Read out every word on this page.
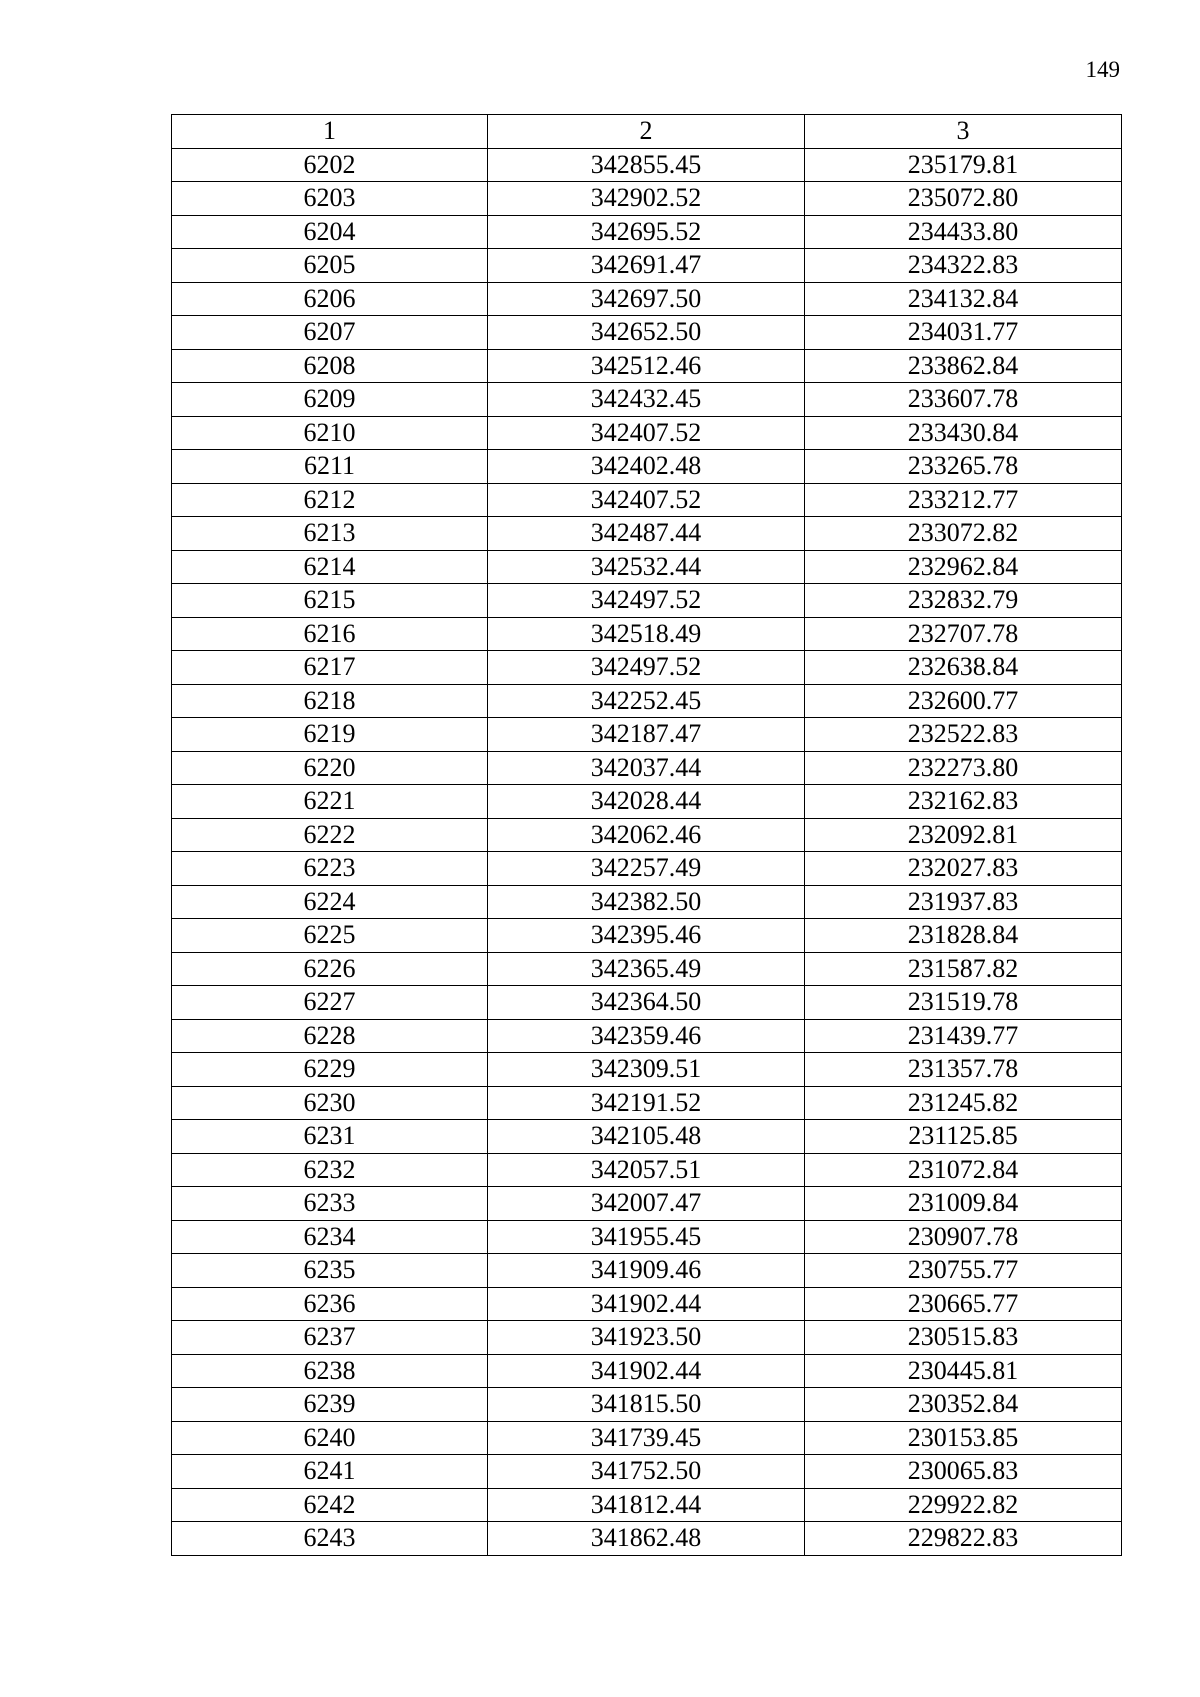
149
1	2	3
6202	342855.45	235179.81
6203	342902.52	235072.80
6204	342695.52	234433.80
6205	342691.47	234322.83
6206	342697.50	234132.84
6207	342652.50	234031.77
6208	342512.46	233862.84
6209	342432.45	233607.78
6210	342407.52	233430.84
6211	342402.48	233265.78
6212	342407.52	233212.77
6213	342487.44	233072.82
6214	342532.44	232962.84
6215	342497.52	232832.79
6216	342518.49	232707.78
6217	342497.52	232638.84
6218	342252.45	232600.77
6219	342187.47	232522.83
6220	342037.44	232273.80
6221	342028.44	232162.83
6222	342062.46	232092.81
6223	342257.49	232027.83
6224	342382.50	231937.83
6225	342395.46	231828.84
6226	342365.49	231587.82
6227	342364.50	231519.78
6228	342359.46	231439.77
6229	342309.51	231357.78
6230	342191.52	231245.82
6231	342105.48	231125.85
6232	342057.51	231072.84
6233	342007.47	231009.84
6234	341955.45	230907.78
6235	341909.46	230755.77
6236	341902.44	230665.77
6237	341923.50	230515.83
6238	341902.44	230445.81
6239	341815.50	230352.84
6240	341739.45	230153.85
6241	341752.50	230065.83
6242	341812.44	229922.82
6243	341862.48	229822.83
